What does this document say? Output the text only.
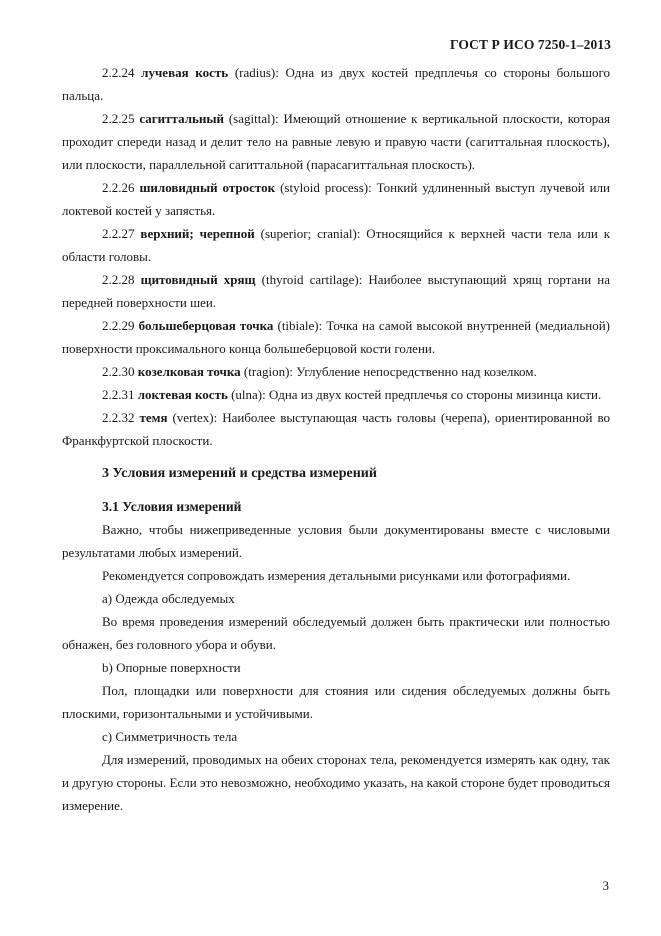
ГОСТ Р ИСО 7250-1–2013

2.2.24 лучевая кость (radius): Одна из двух костей предплечья со стороны большого пальца.

2.2.25 сагиттальный (sagittal): Имеющий отношение к вертикальной плоскости, которая проходит спереди назад и делит тело на равные левую и правую части (сагиттальная плоскость), или плоскости, параллельной сагиттальной (парасагиттальная плоскость).

2.2.26 шиловидный отросток (styloid process): Тонкий удлиненный выступ лучевой или локтевой костей у запястья.

2.2.27 верхний; черепной (superior; cranial): Относящийся к верхней части тела или к области головы.

2.2.28 щитовидный хрящ (thyroid cartilage): Наиболее выступающий хрящ гортани на передней поверхности шеи.

2.2.29 большеберцовая точка (tibiale): Точка на самой высокой внутренней (медиальной) поверхности проксимального конца большеберцовой кости голени.

2.2.30 козелковая точка (tragion): Углубление непосредственно над козелком.

2.2.31 локтевая кость (ulna): Одна из двух костей предплечья со стороны мизинца кисти.

2.2.32 темя (vertex): Наиболее выступающая часть головы (черепа), ориентированной во Франкфуртской плоскости.

3 Условия измерений и средства измерений

3.1 Условия измерений

Важно, чтобы нижеприведенные условия были документированы вместе с числовыми результатами любых измерений.

Рекомендуется сопровождать измерения детальными рисунками или фотографиями.

a) Одежда обследуемых

Во время проведения измерений обследуемый должен быть практически или полностью обнажен, без головного убора и обуви.

b) Опорные поверхности

Пол, площадки или поверхности для стояния или сидения обследуемых должны быть плоскими, горизонтальными и устойчивыми.

c) Симметричность тела

Для измерений, проводимых на обеих сторонах тела, рекомендуется измерять как одну, так и другую стороны. Если это невозможно, необходимо указать, на какой стороне будет проводиться измерение.

3
